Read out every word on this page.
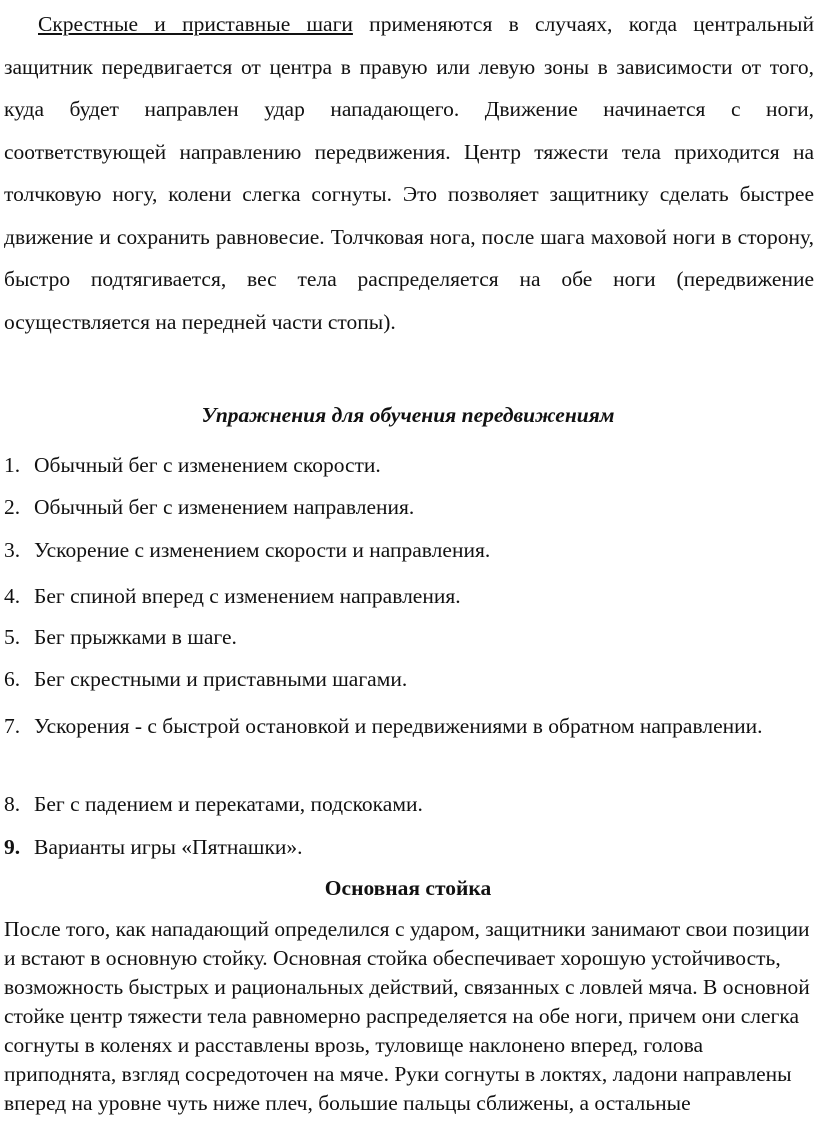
Скрестные и приставные шаги применяются в случаях, когда центральный защитник передвигается от центра в правую или левую зоны в зависимости от того, куда будет направлен удар нападающего. Движение начинается с ноги, соответствующей направлению передвижения. Центр тяжести тела приходится на толчковую ногу, колени слегка согнуты. Это позволяет защитнику сделать быстрее движение и сохранить равновесие. Толчковая нога, после шага маховой ноги в сторону, быстро подтягивается, вес тела распределяется на обе ноги (передвижение осуществляется на передней части стопы).

Упражнения для обучения передвижениям
1. Обычный бег с изменением скорости.
2. Обычный бег с изменением направления.
3. Ускорение с изменением скорости и направления.
4. Бег спиной вперед с изменением направления.
5. Бег прыжками в шаге.
6. Бег скрестными и приставными шагами.
7. Ускорения - с быстрой остановкой и передвижениями в обратном направлении.
8. Бег с падением и перекатами, подскоками.
9. Варианты игры «Пятнашки».
Основная стойка

После того, как нападающий определился с ударом, защитники занимают свои позиции и встают в основную стойку. Основная стойка обеспечивает хорошую устойчивость, возможность быстрых и рациональных действий, связанных с ловлей мяча. В основной стойке центр тяжести тела равномерно распределяется на обе ноги, причем они слегка согнуты в коленях и расставлены врозь, туловище наклонено вперед, голова приподнята, взгляд сосредоточен на мяче. Руки согнуты в локтях, ладони направлены вперед на уровне чуть ниже плеч, большие пальцы сближены, а остальные
